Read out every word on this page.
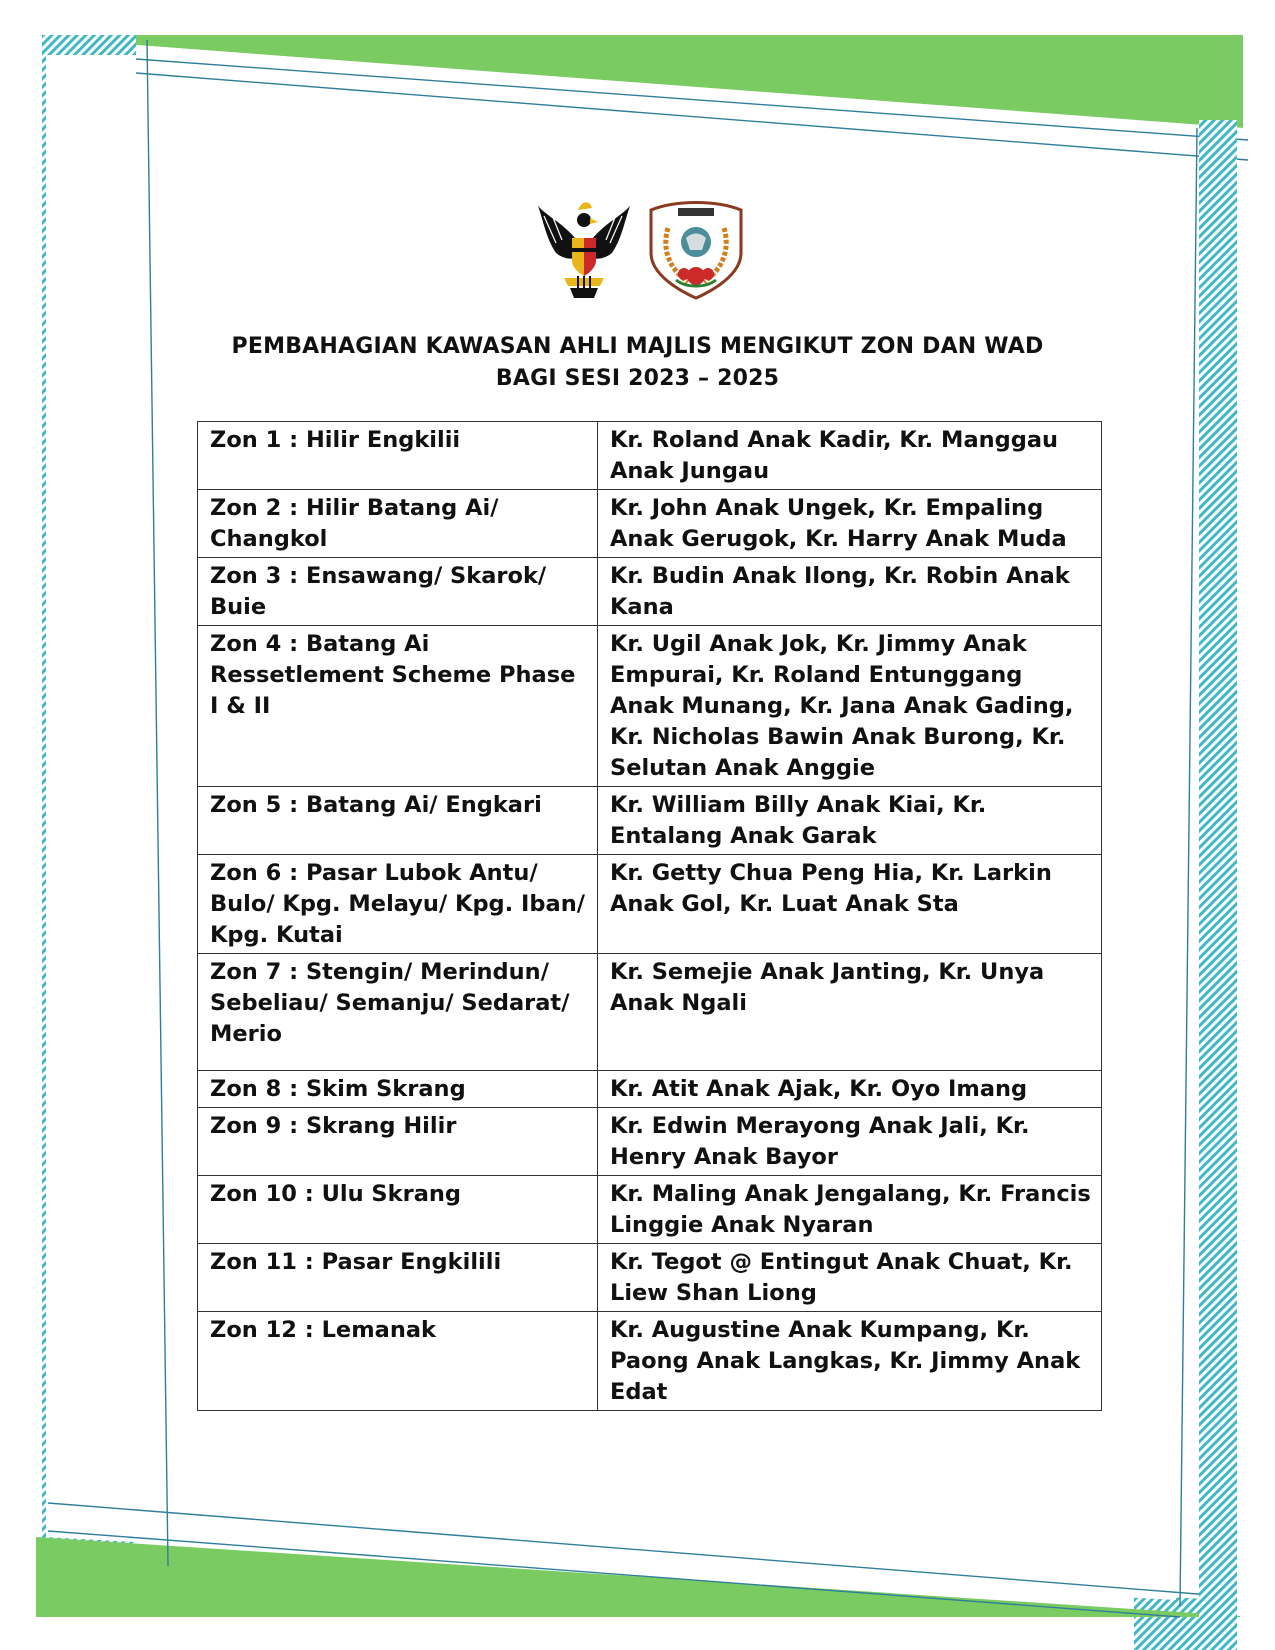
PEMBAHAGIAN KAWASAN AHLI MAJLIS MENGIKUT ZON DAN WAD
BAGI SESI 2023 – 2025
Zon 1 : Hilir Engkilii	Kr. Roland Anak Kadir, Kr. Manggau Anak Jungau
Zon 2 : Hilir Batang Ai/ Changkol	Kr. John Anak Ungek, Kr. Empaling Anak Gerugok, Kr. Harry Anak Muda
Zon 3 : Ensawang/ Skarok/ Buie	Kr. Budin Anak Ilong, Kr. Robin Anak Kana
Zon 4 : Batang Ai Ressetlement Scheme Phase I & II	Kr. Ugil Anak Jok, Kr. Jimmy Anak Empurai, Kr. Roland Entunggang Anak Munang, Kr. Jana Anak Gading, Kr. Nicholas Bawin Anak Burong, Kr. Selutan Anak Anggie
Zon 5 : Batang Ai/ Engkari	Kr. William Billy Anak Kiai, Kr. Entalang Anak Garak
Zon 6 : Pasar Lubok Antu/ Bulo/ Kpg. Melayu/ Kpg. Iban/ Kpg. Kutai	Kr. Getty Chua Peng Hia, Kr. Larkin Anak Gol, Kr. Luat Anak Sta
Zon 7 : Stengin/ Merindun/ Sebeliau/ Semanju/ Sedarat/ Merio	Kr. Semejie Anak Janting, Kr. Unya Anak Ngali
Zon 8 : Skim Skrang	Kr. Atit Anak Ajak, Kr. Oyo Imang
Zon 9 : Skrang Hilir	Kr. Edwin Merayong Anak Jali, Kr. Henry Anak Bayor
Zon 10 : Ulu Skrang	Kr. Maling Anak Jengalang, Kr. Francis Linggie Anak Nyaran
Zon 11 : Pasar Engkilili	Kr. Tegot @ Entingut Anak Chuat, Kr. Liew Shan Liong
Zon 12 : Lemanak	Kr. Augustine Anak Kumpang, Kr. Paong Anak Langkas, Kr. Jimmy Anak Edat
